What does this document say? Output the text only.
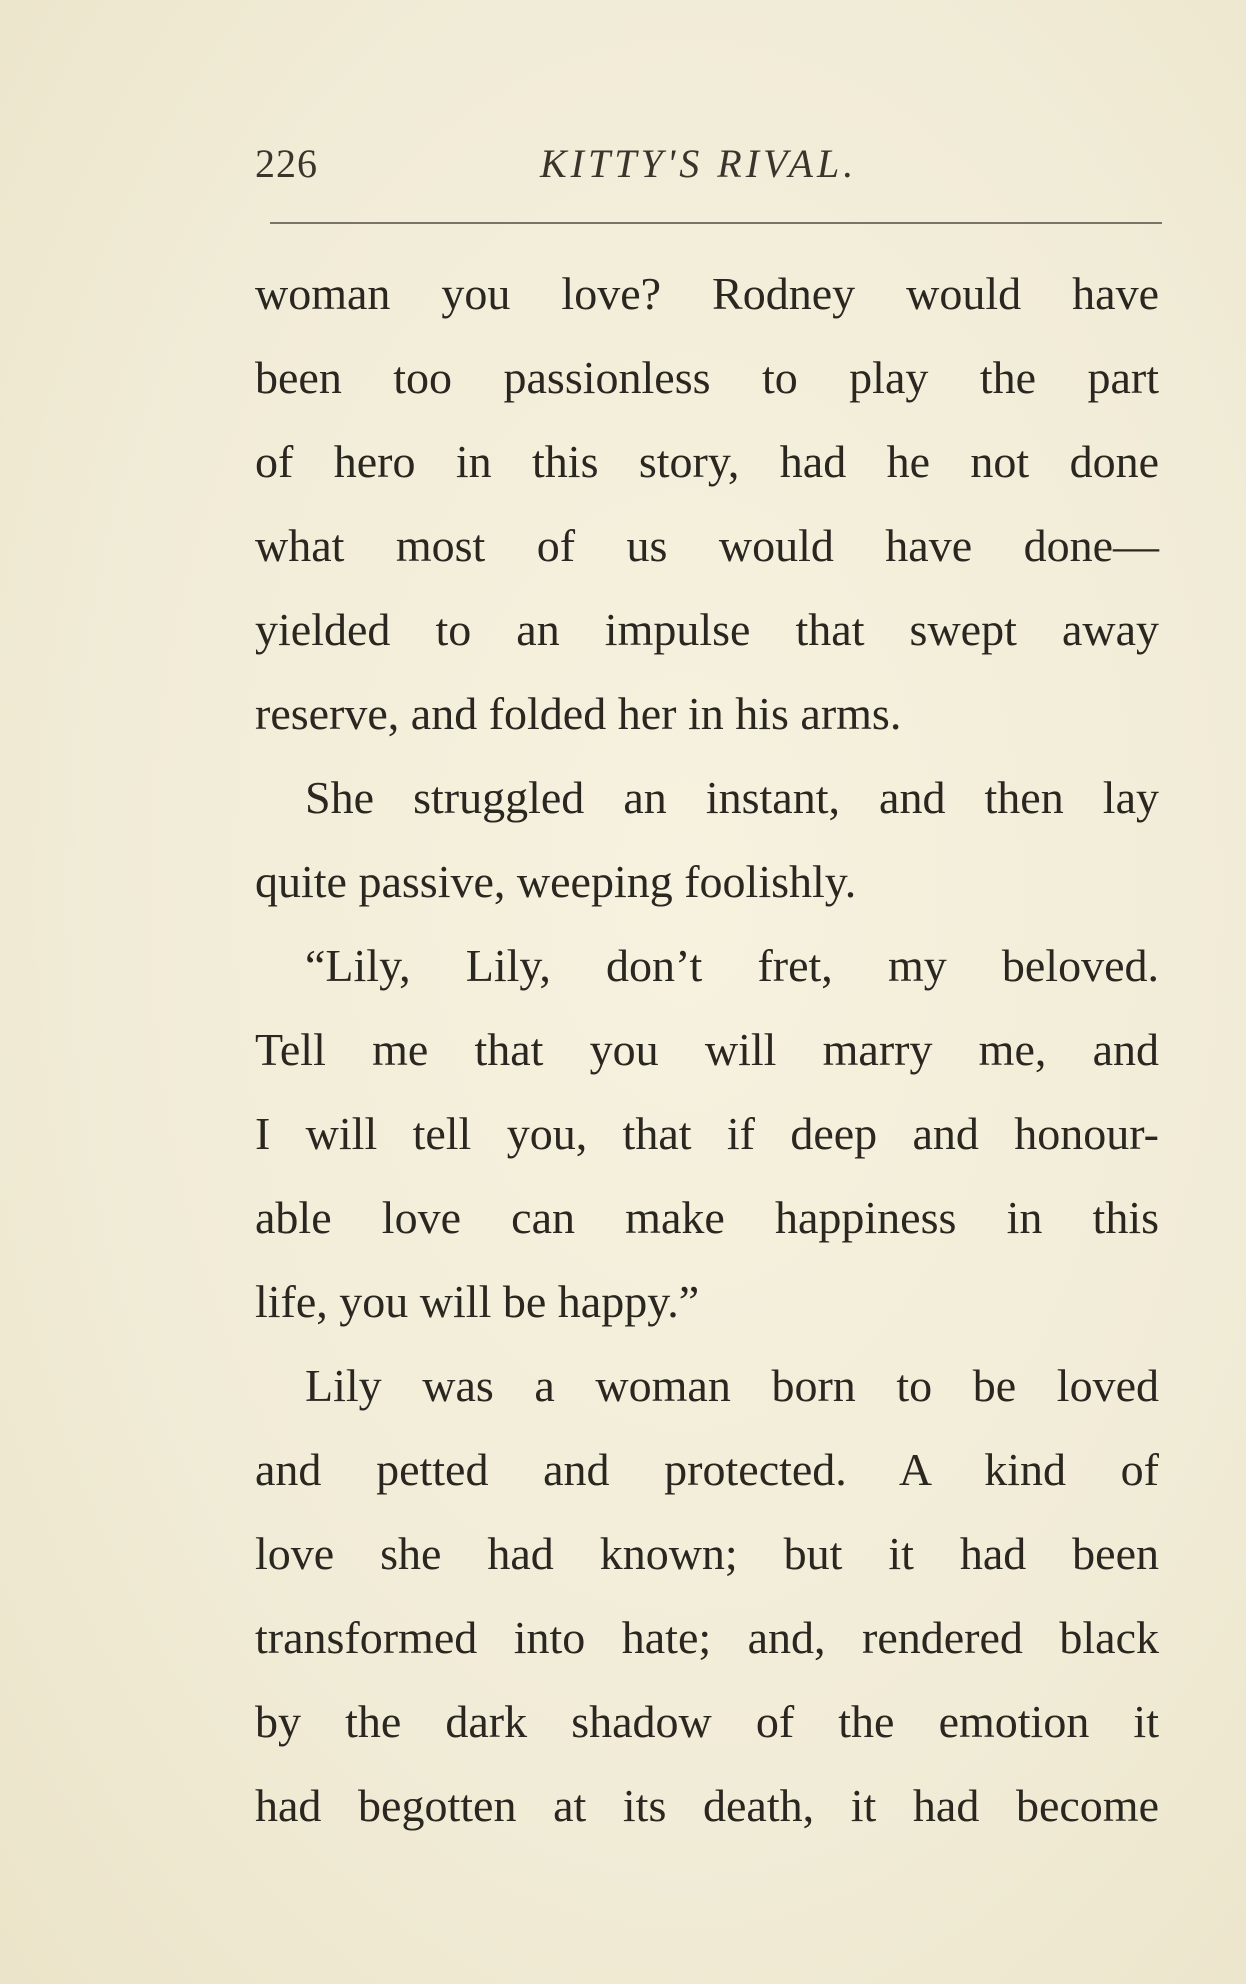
226	KITTY'S RIVAL.
woman you love? Rodney would have
been too passionless to play the part
of hero in this story, had he not done
what most of us would have done—
yielded to an impulse that swept away
reserve, and folded her in his arms.
She struggled an instant, and then lay
quite passive, weeping foolishly.
“Lily, Lily, don’t fret, my beloved.
Tell me that you will marry me, and
I will tell you, that if deep and honour-
able love can make happiness in this
life, you will be happy.”
Lily was a woman born to be loved
and petted and protected. A kind of
love she had known; but it had been
transformed into hate; and, rendered black
by the dark shadow of the emotion it
had begotten at its death, it had become
